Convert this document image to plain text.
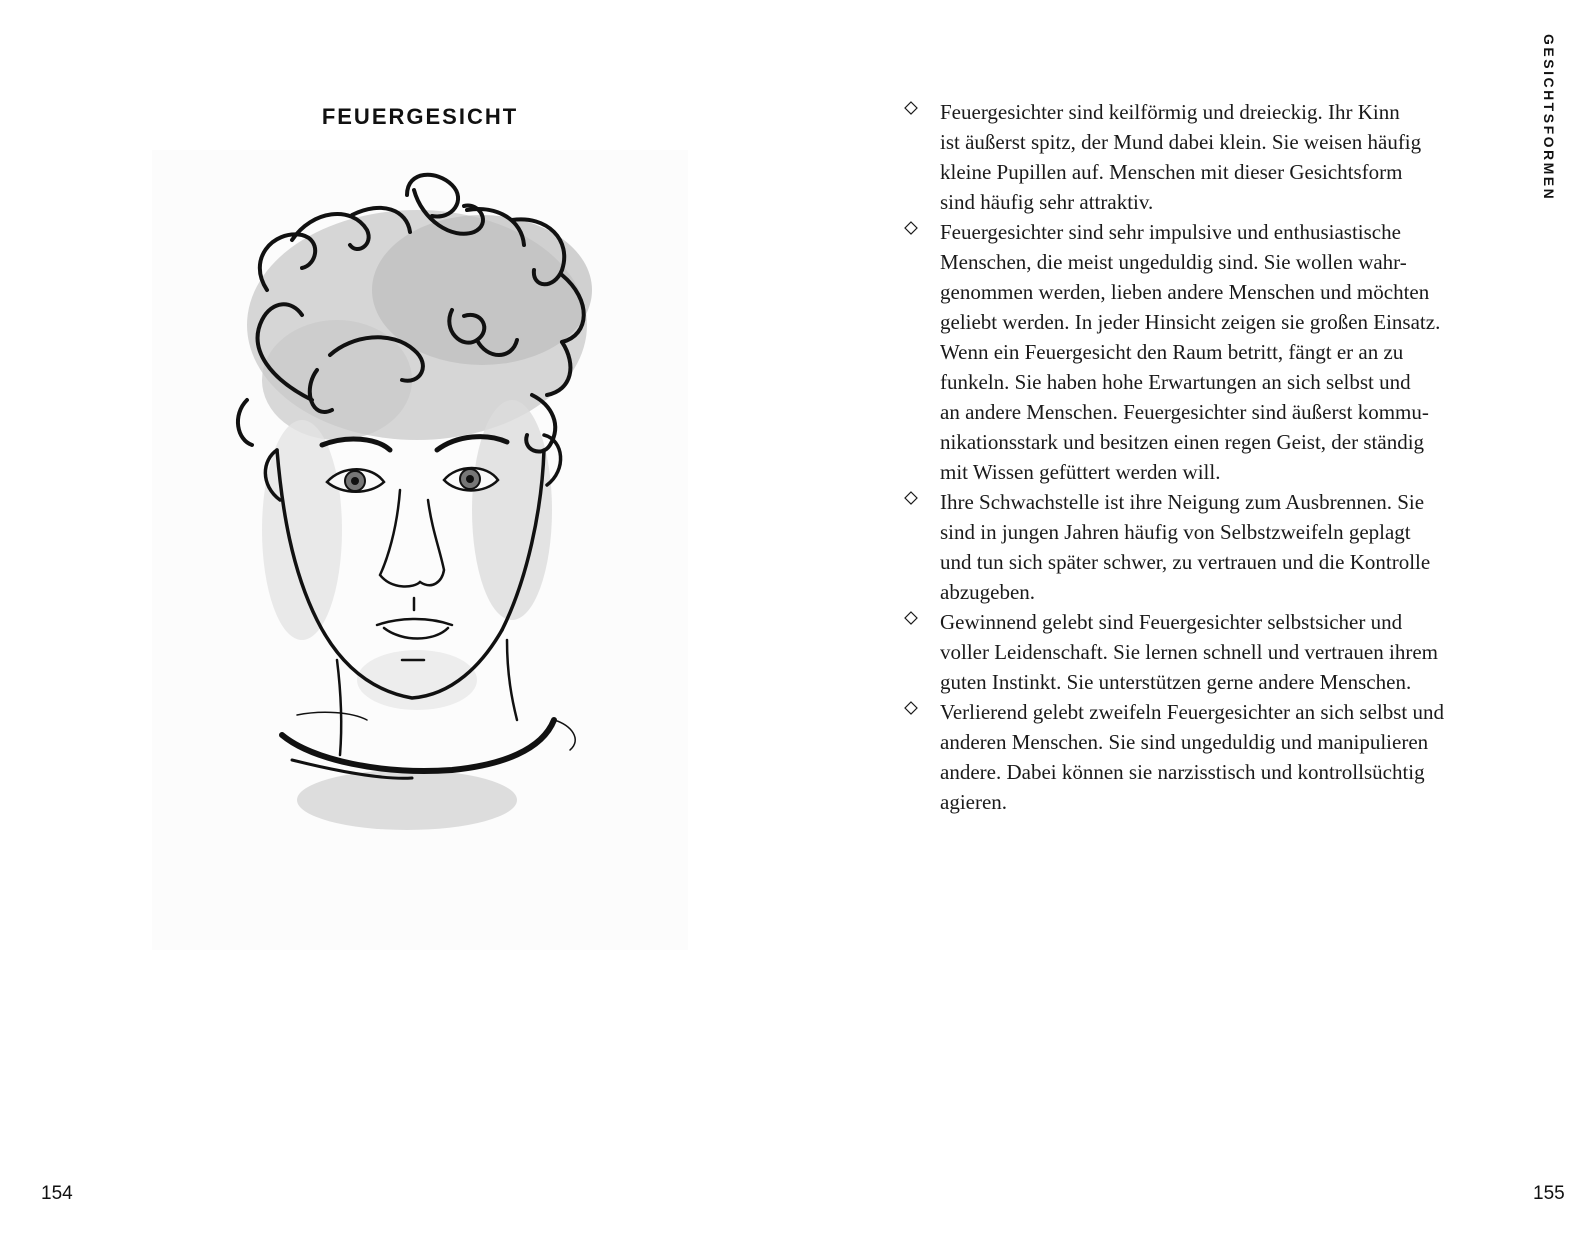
FEUERGESICHT
154	155
GESICHTSFORMEN
Feuergesichter sind keilförmig und dreieckig. Ihr Kinn
ist äußerst spitz, der Mund dabei klein. Sie weisen häufig
kleine Pupillen auf. Menschen mit dieser Gesichtsform
sind häufig sehr attraktiv.
Feuergesichter sind sehr impulsive und enthusiastische
Menschen, die meist ungeduldig sind. Sie wollen wahr-
genommen werden, lieben andere Menschen und möchten
geliebt werden. In jeder Hinsicht zeigen sie großen Einsatz.
Wenn ein Feuergesicht den Raum betritt, fängt er an zu
funkeln. Sie haben hohe Erwartungen an sich selbst und
an andere Menschen. Feuergesichter sind äußerst kommu-
nikationsstark und besitzen einen regen Geist, der ständig
mit Wissen gefüttert werden will.
Ihre Schwachstelle ist ihre Neigung zum Ausbrennen. Sie
sind in jungen Jahren häufig von Selbstzweifeln geplagt
und tun sich später schwer, zu vertrauen und die Kontrolle
abzugeben.
Gewinnend gelebt sind Feuergesichter selbstsicher und
voller Leidenschaft. Sie lernen schnell und vertrauen ihrem
guten Instinkt. Sie unterstützen gerne andere Menschen.
Verlierend gelebt zweifeln Feuergesichter an sich selbst und
anderen Menschen. Sie sind ungeduldig und manipulieren
andere. Dabei können sie narzisstisch und kontrollsüchtig
agieren.
